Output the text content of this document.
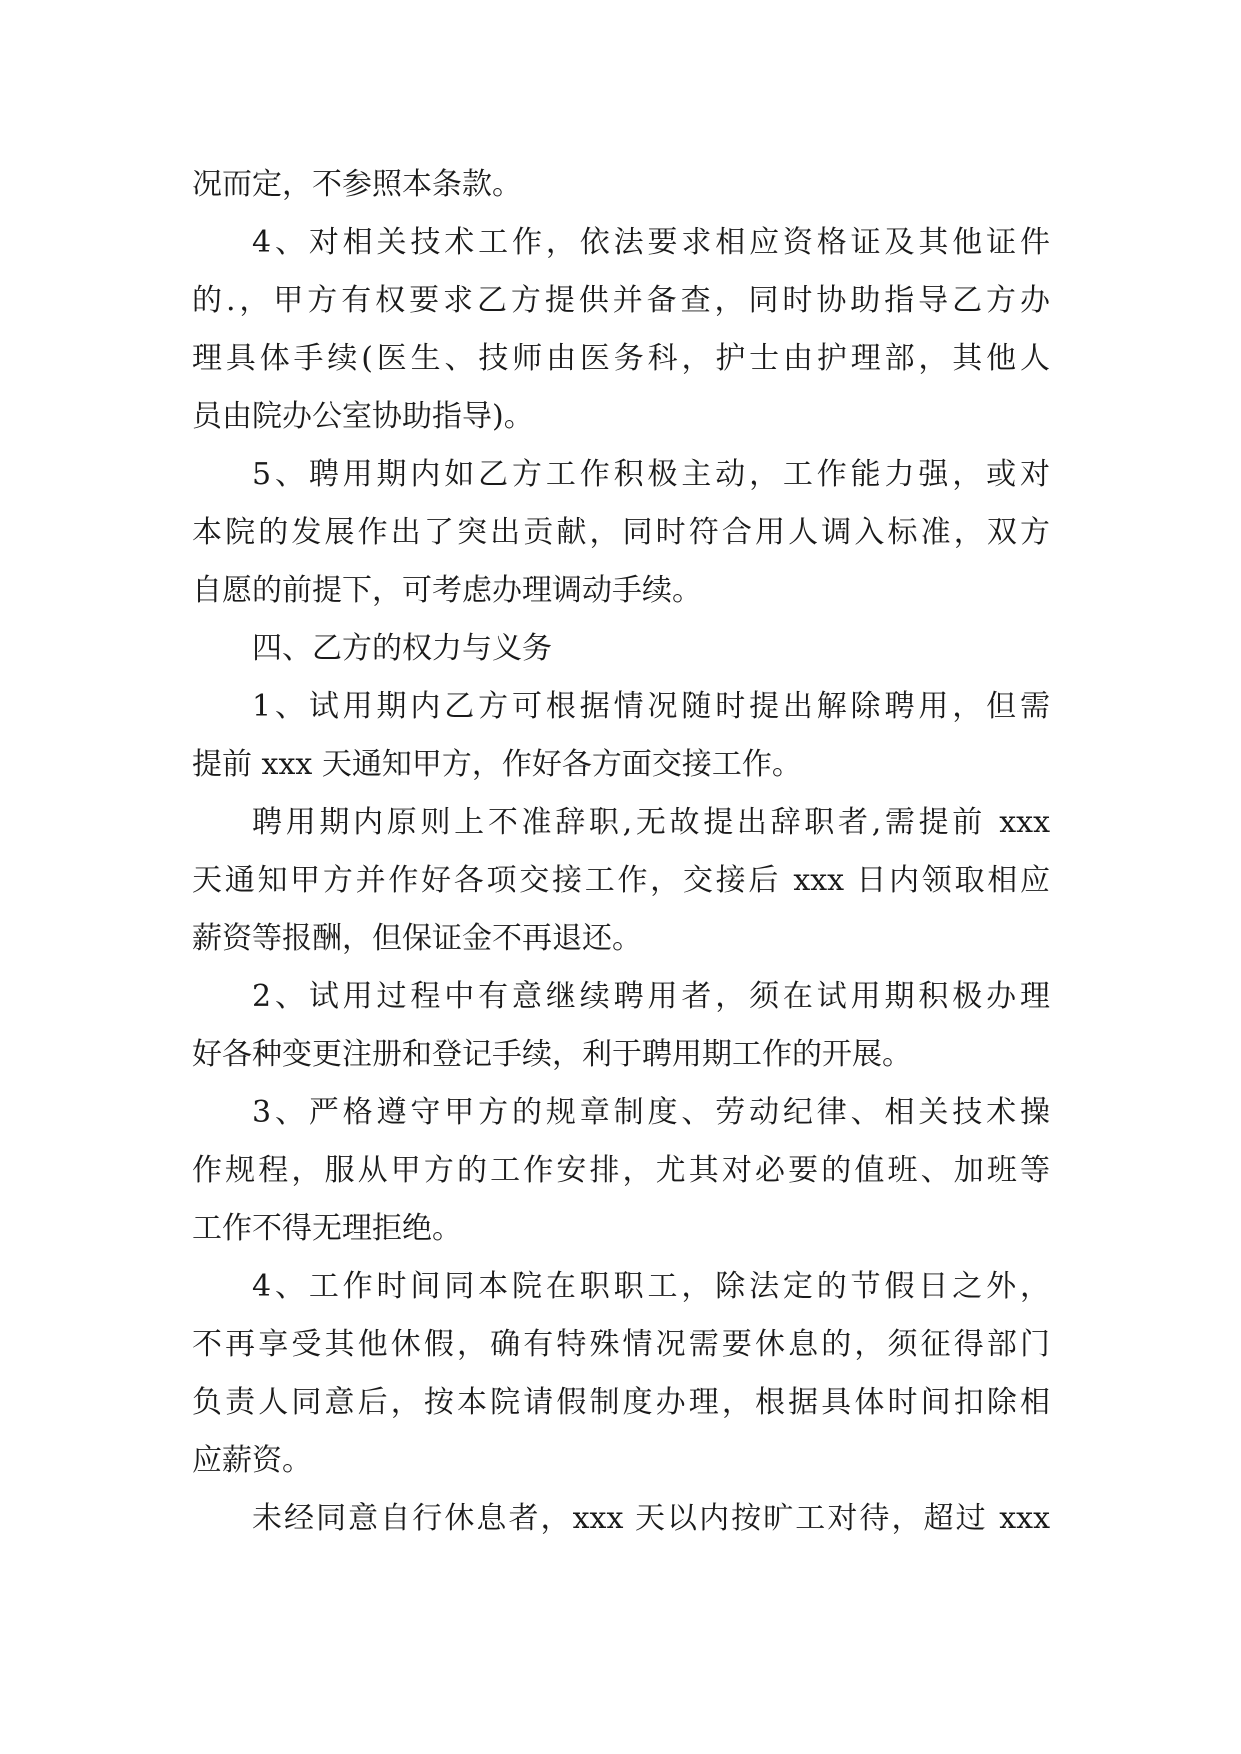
况而定，不参照本条款。
4、对相关技术工作，依法要求相应资格证及其他证件
的.，甲方有权要求乙方提供并备查，同时协助指导乙方办
理具体手续(医生、技师由医务科，护士由护理部，其他人
员由院办公室协助指导)。
5、聘用期内如乙方工作积极主动，工作能力强，或对
本院的发展作出了突出贡献，同时符合用人调入标准，双方
自愿的前提下，可考虑办理调动手续。
四、乙方的权力与义务
1、试用期内乙方可根据情况随时提出解除聘用，但需
提前 xxx 天通知甲方，作好各方面交接工作。
聘用期内原则上不准辞职,无故提出辞职者,需提前 xxx
天通知甲方并作好各项交接工作，交接后 xxx 日内领取相应
薪资等报酬，但保证金不再退还。
2、试用过程中有意继续聘用者，须在试用期积极办理
好各种变更注册和登记手续，利于聘用期工作的开展。
3、严格遵守甲方的规章制度、劳动纪律、相关技术操
作规程，服从甲方的工作安排，尤其对必要的值班、加班等
工作不得无理拒绝。
4、工作时间同本院在职职工，除法定的节假日之外，
不再享受其他休假，确有特殊情况需要休息的，须征得部门
负责人同意后，按本院请假制度办理，根据具体时间扣除相
应薪资。
未经同意自行休息者，xxx 天以内按旷工对待，超过 xxx
